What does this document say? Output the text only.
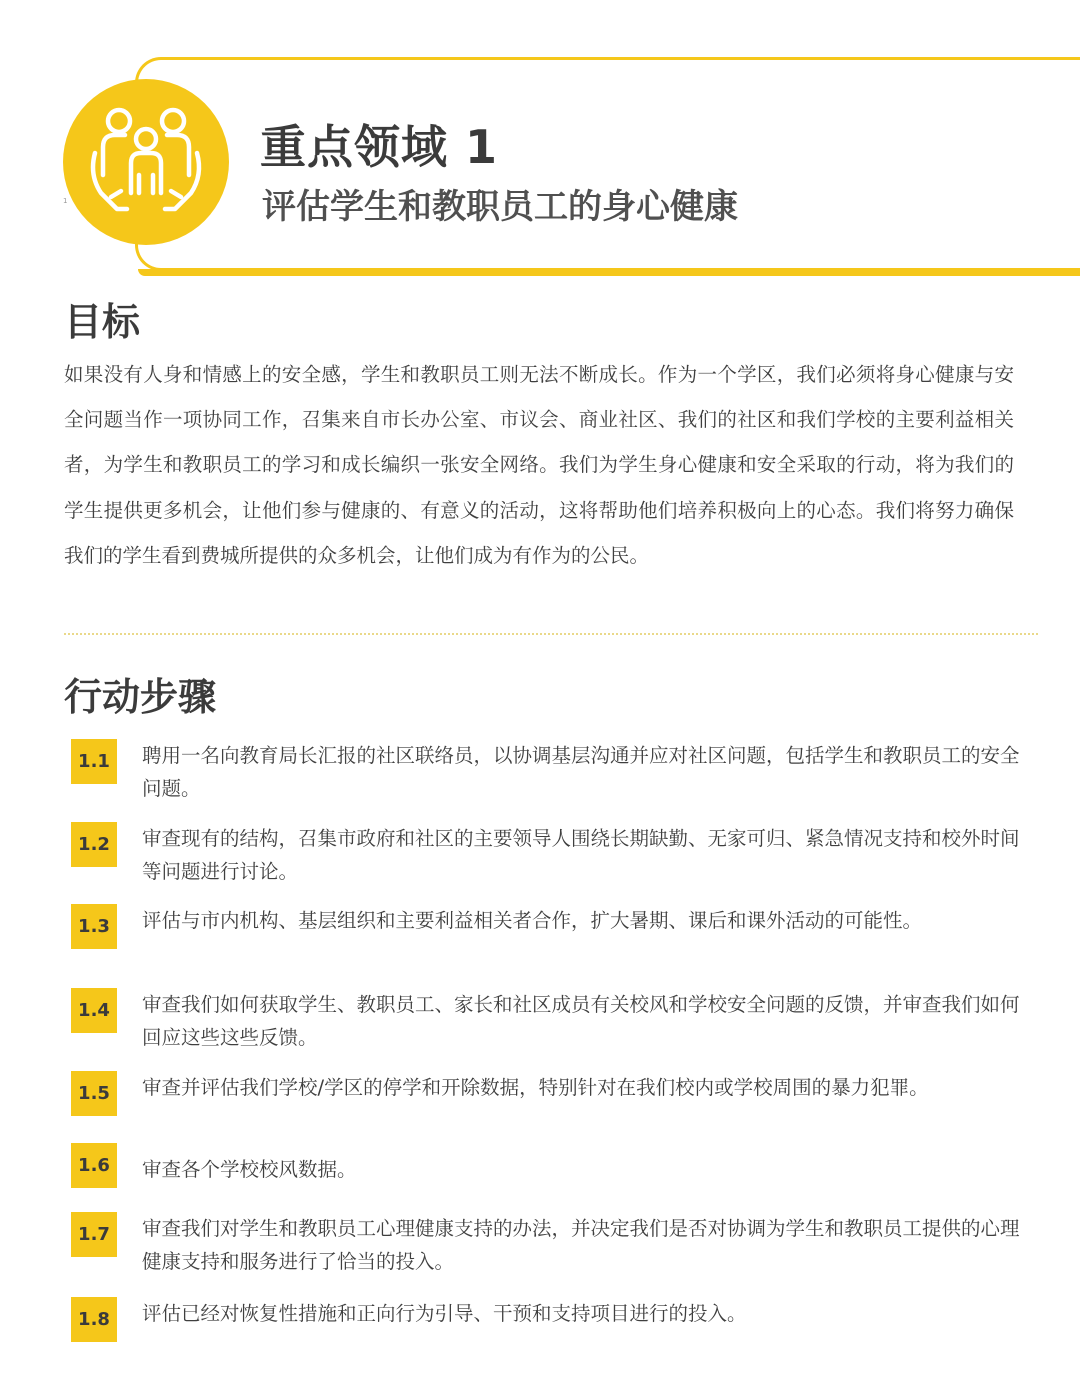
1
重点领域 1
评估学生和教职员工的身心健康
目标

如果没有人身和情感上的安全感，学生和教职员工则无法不断成长。作为一个学区，我们必须将身心健康与安全问题当作一项协同工作，召集来自市长办公室、市议会、商业社区、我们的社区和我们学校的主要利益相关者，为学生和教职员工的学习和成长编织一张安全网络。我们为学生身心健康和安全采取的行动，将为我们的学生提供更多机会，让他们参与健康的、有意义的活动，这将帮助他们培养积极向上的心态。我们将努力确保我们的学生看到费城所提供的众多机会，让他们成为有作为的公民。

行动步骤
1.1	聘用一名向教育局长汇报的社区联络员，以协调基层沟通并应对社区问题，包括学生和教职员工的安全问题。

1.2	审查现有的结构，召集市政府和社区的主要领导人围绕长期缺勤、无家可归、紧急情况支持和校外时间等问题进行讨论。

1.3	评估与市内机构、基层组织和主要利益相关者合作，扩大暑期、课后和课外活动的可能性。

1.4	审查我们如何获取学生、教职员工、家长和社区成员有关校风和学校安全问题的反馈，并审查我们如何回应这些这些反馈。

1.5	审查并评估我们学校/学区的停学和开除数据，特别针对在我们校内或学校周围的暴力犯罪。

1.6	审查各个学校校风数据。

1.7	审查我们对学生和教职员工心理健康支持的办法，并决定我们是否对协调为学生和教职员工提供的心理健康支持和服务进行了恰当的投入。

1.8	评估已经对恢复性措施和正向行为引导、干预和支持项目进行的投入。
